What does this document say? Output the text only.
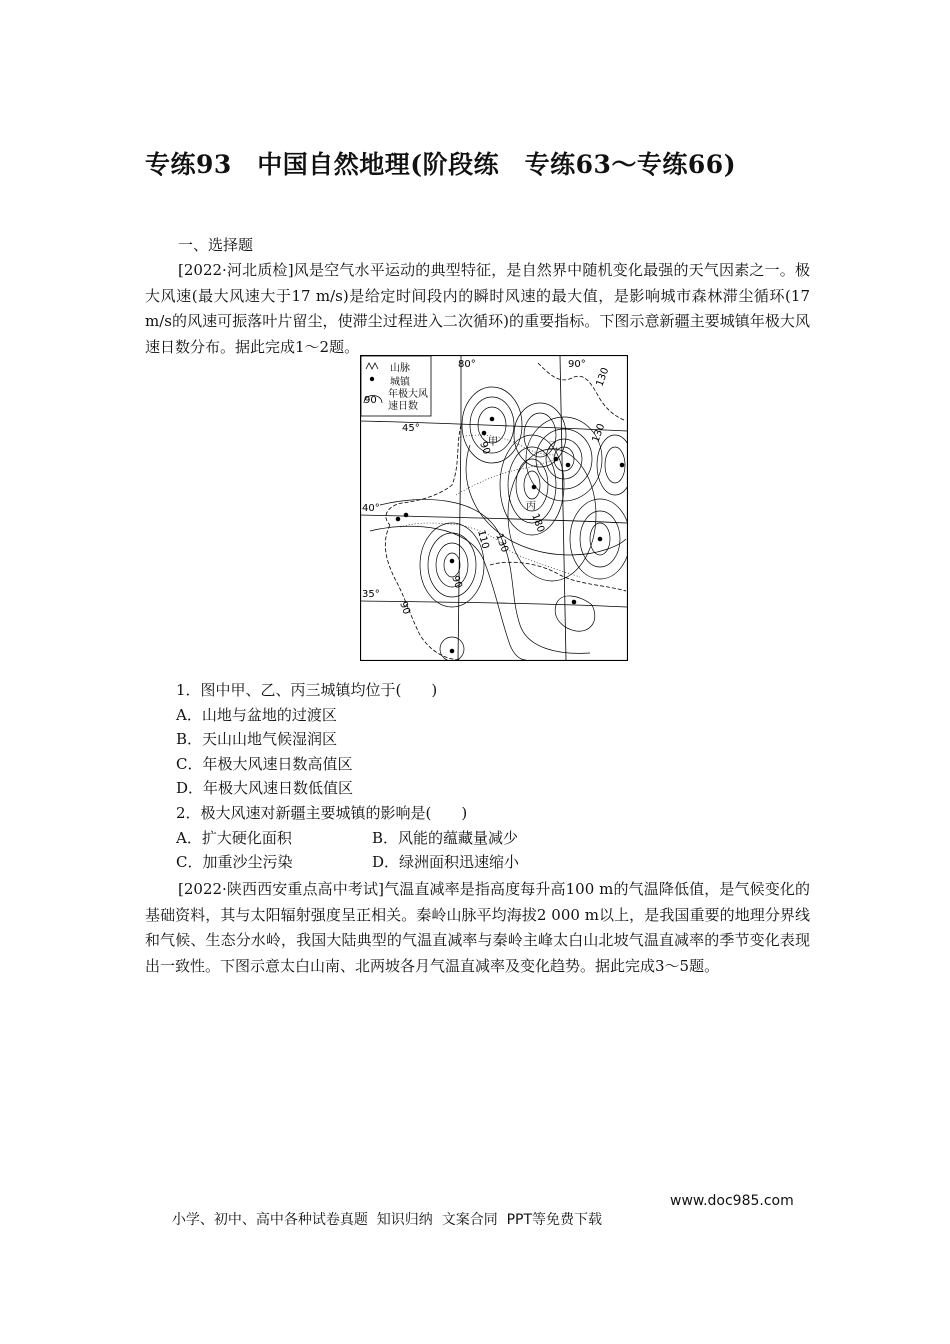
专练93　中国自然地理(阶段练　专练63～专练66)
一、选择题
[2022·河北质检]风是空气水平运动的典型特征，是自然界中随机变化最强的天气因素之一。极大风速(最大风速大于17 m/s)是给定时间段内的瞬时风速的最大值，是影响城市森林滞尘循环(17 m/s的风速可振落叶片留尘，使滞尘过程进入二次循环)的重要指标。下图示意新疆主要城镇年极大风速日数分布。据此完成1～2题。
山脉
城镇
90
年极大风
速日数
80°	90°
45°
40°
35°
130
130
110
180
130
90
90
90
甲	乙
丙
1．图中甲、乙、丙三城镇均位于(　　)
A．山地与盆地的过渡区
B．天山山地气候湿润区
C．年极大风速日数高值区
D．年极大风速日数低值区
2．极大风速对新疆主要城镇的影响是(　　)
A．扩大硬化面积	B．风能的蕴藏量减少
C．加重沙尘污染	D．绿洲面积迅速缩小
[2022·陕西西安重点高中考试]气温直减率是指高度每升高100 m的气温降低值，是气候变化的基础资料，其与太阳辐射强度呈正相关。秦岭山脉平均海拔2 000 m以上，是我国重要的地理分界线和气候、生态分水岭，我国大陆典型的气温直减率与秦岭主峰太白山北坡气温直减率的季节变化表现出一致性。下图示意太白山南、北两坡各月气温直减率及变化趋势。据此完成3～5题。

小学、初中、高中各种试卷真题  知识归纳  文案合同  PPT等免费下载

www.doc985.com
